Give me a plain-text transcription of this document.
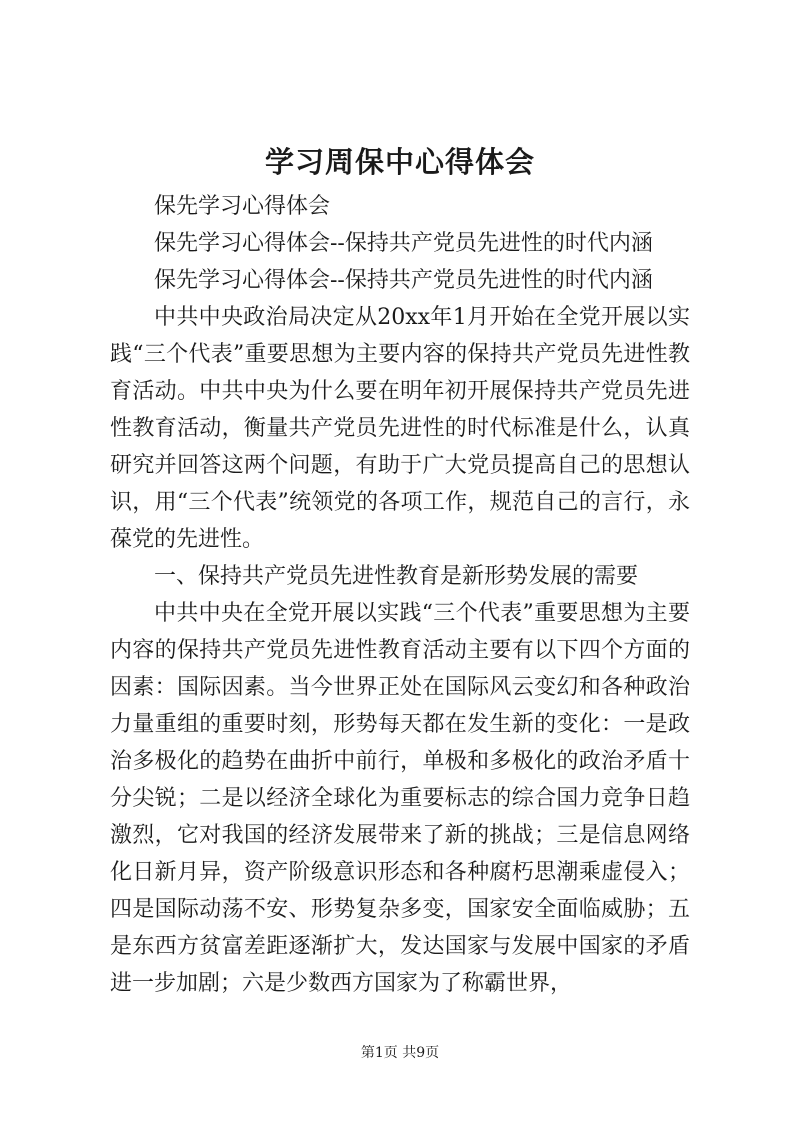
学习周保中心得体会

保先学习心得体会

保先学习心得体会--保持共产党员先进性的时代内涵

保先学习心得体会--保持共产党员先进性的时代内涵

中共中央政治局决定从20xx年1月开始在全党开展以实践“三个代表”重要思想为主要内容的保持共产党员先进性教育活动。中共中央为什么要在明年初开展保持共产党员先进性教育活动，衡量共产党员先进性的时代标准是什么，认真研究并回答这两个问题，有助于广大党员提高自己的思想认识，用“三个代表”统领党的各项工作，规范自己的言行，永葆党的先进性。

一、保持共产党员先进性教育是新形势发展的需要

中共中央在全党开展以实践“三个代表”重要思想为主要内容的保持共产党员先进性教育活动主要有以下四个方面的因素：国际因素。当今世界正处在国际风云变幻和各种政治力量重组的重要时刻，形势每天都在发生新的变化：一是政治多极化的趋势在曲折中前行，单极和多极化的政治矛盾十分尖锐；二是以经济全球化为重要标志的综合国力竞争日趋激烈，它对我国的经济发展带来了新的挑战；三是信息网络化日新月异，资产阶级意识形态和各种腐朽思潮乘虚侵入；四是国际动荡不安、形势复杂多变，国家安全面临威胁；五是东西方贫富差距逐渐扩大，发达国家与发展中国家的矛盾进一步加剧；六是少数西方国家为了称霸世界，

第1页 共9页
